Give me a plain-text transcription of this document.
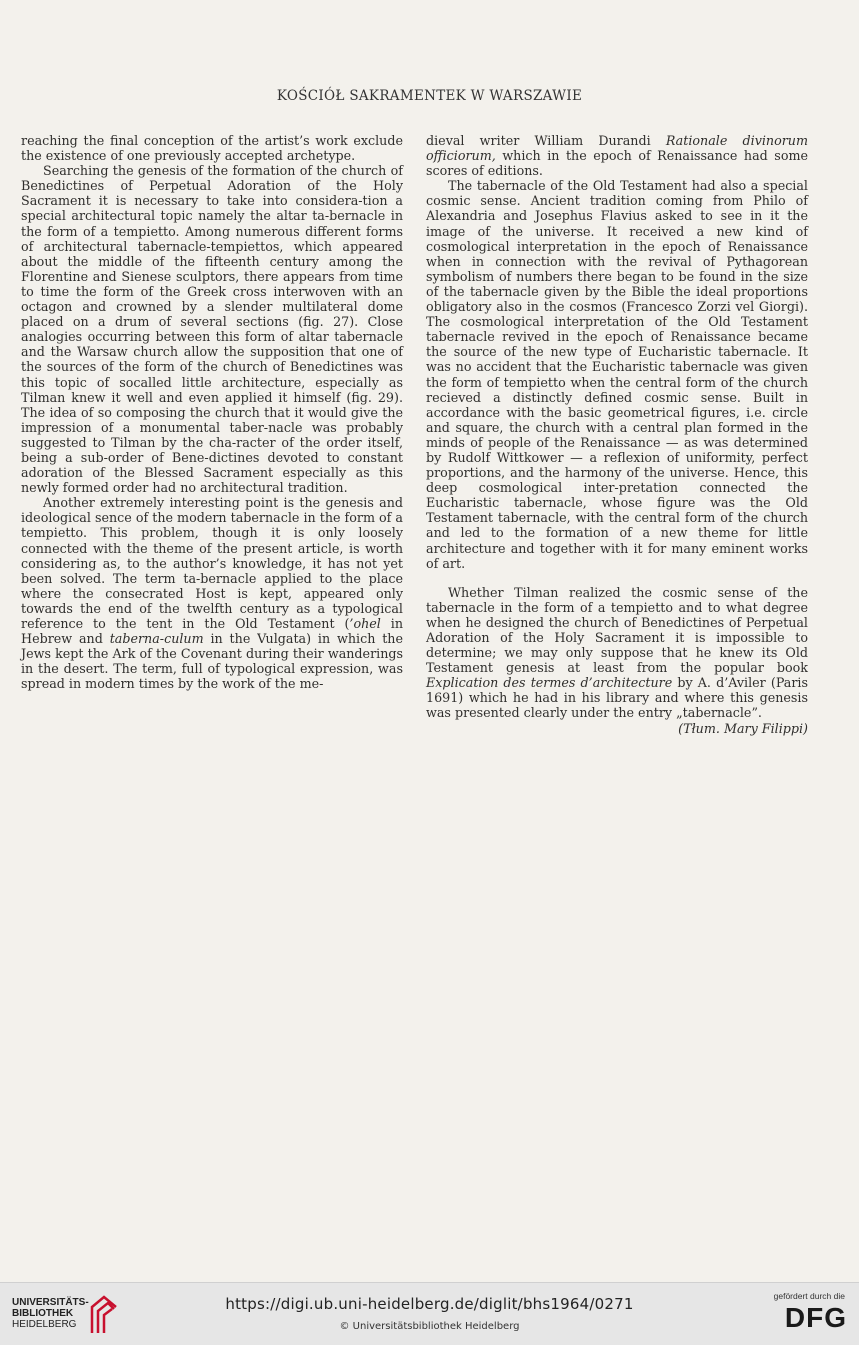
KOŚCIÓŁ SAKRAMENTEK W WARSZAWIE

reaching the final conception of the artist’s work exclude the existence of one previously accepted archetype.

Searching the genesis of the formation of the church of Benedictines of Perpetual Adoration of the Holy Sacrament it is necessary to take into considera-tion a special architectural topic namely the altar ta-bernacle in the form of a tempietto. Among numerous different forms of architectural tabernacle-tempiettos, which appeared about the middle of the fifteenth century among the Florentine and Sienese sculptors, there appears from time to time the form of the Greek cross interwoven with an octagon and crowned by a slender multilateral dome placed on a drum of several sections (fig. 27). Close analogies occurring between this form of altar tabernacle and the Warsaw church allow the supposition that one of the sources of the form of the church of Benedictines was this topic of socalled little architecture, especially as Tilman knew it well and even applied it himself (fig. 29). The idea of so composing the church that it would give the impression of a monumental taber-nacle was probably suggested to Tilman by the cha-racter of the order itself, being a sub-order of Bene-dictines devoted to constant adoration of the Blessed Sacrament especially as this newly formed order had no architectural tradition.

Another extremely interesting point is the genesis and ideological sence of the modern tabernacle in the form of a tempietto. This problem, though it is only loosely connected with the theme of the present article, is worth considering as, to the author’s knowledge, it has not yet been solved. The term ta-bernacle applied to the place where the consecrated Host is kept, appeared only towards the end of the twelfth century as a typological reference to the tent in the Old Testament (’ohel in Hebrew and taberna-culum in the Vulgata) in which the Jews kept the Ark of the Covenant during their wanderings in the desert. The term, full of typological expression, was spread in modern times by the work of the me-

dieval writer William Durandi Rationale divinorum officiorum, which in the epoch of Renaissance had some scores of editions.

The tabernacle of the Old Testament had also a special cosmic sense. Ancient tradition coming from Philo of Alexandria and Josephus Flavius asked to see in it the image of the universe. It received a new kind of cosmological interpretation in the epoch of Renaissance when in connection with the revival of Pythagorean symbolism of numbers there began to be found in the size of the tabernacle given by the Bible the ideal proportions obligatory also in the cosmos (Francesco Zorzi vel Giorgi). The cosmological interpretation of the Old Testament tabernacle revived in the epoch of Renaissance became the source of the new type of Eucharistic tabernacle. It was no accident that the Eucharistic tabernacle was given the form of tempietto when the central form of the church recieved a distinctly defined cosmic sense. Built in accordance with the basic geometrical figures, i.e. circle and square, the church with a central plan formed in the minds of people of the Renaissance — as was determined by Rudolf Wittkower — a reflexion of uniformity, perfect proportions, and the harmony of the universe. Hence, this deep cosmological inter-pretation connected the Eucharistic tabernacle, whose figure was the Old Testament tabernacle, with the central form of the church and led to the formation of a new theme for little architecture and together with it for many eminent works of art.

Whether Tilman realized the cosmic sense of the tabernacle in the form of a tempietto and to what degree when he designed the church of Benedictines of Perpetual Adoration of the Holy Sacrament it is impossible to determine; we may only suppose that he knew its Old Testament genesis at least from the popular book Explication des termes d’architecture by A. d’Aviler (Paris 1691) which he had in his library and where this genesis was presented clearly under the entry „tabernacle”.

(Tłum. Mary Filippi)

UNIVERSITÄTS-
BIBLIOTHEK
HEIDELBERG
https://digi.ub.uni-heidelberg.de/diglit/bhs1964/0271
© Universitätsbibliothek Heidelberg
gefördert durch die
DFG
